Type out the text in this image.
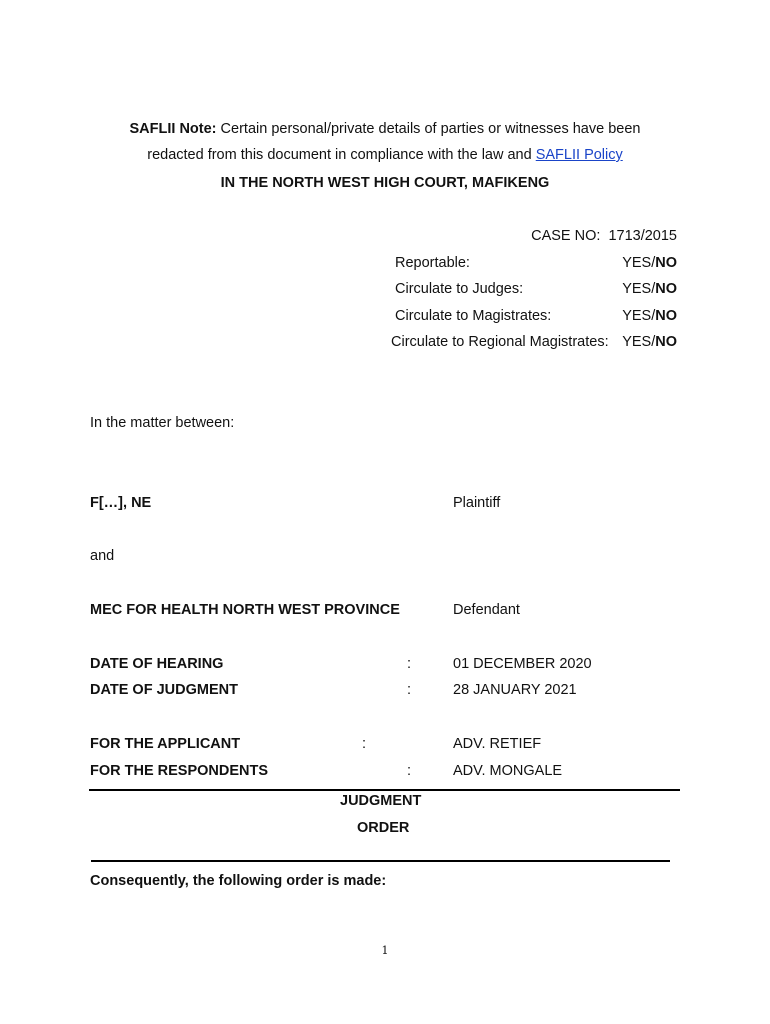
SAFLII Note: Certain personal/private details of parties or witnesses have been
redacted from this document in compliance with the law and SAFLII Policy
IN THE NORTH WEST HIGH COURT, MAFIKENG
CASE NO: 1713/2015
Reportable:	YES/NO
Circulate to Judges:	YES/NO
Circulate to Magistrates:	YES/NO
Circulate to Regional Magistrates: YES/NO
In the matter between:
F[…], NE	Plaintiff
and
MEC FOR HEALTH NORTH WEST PROVINCE	Defendant
DATE OF HEARING	:	01 DECEMBER 2020
DATE OF JUDGMENT	:	28 JANUARY 2021
FOR THE APPLICANT	:	ADV. RETIEF
FOR THE RESPONDENTS	:	ADV. MONGALE
JUDGMENT
ORDER
Consequently, the following order is made:
1
